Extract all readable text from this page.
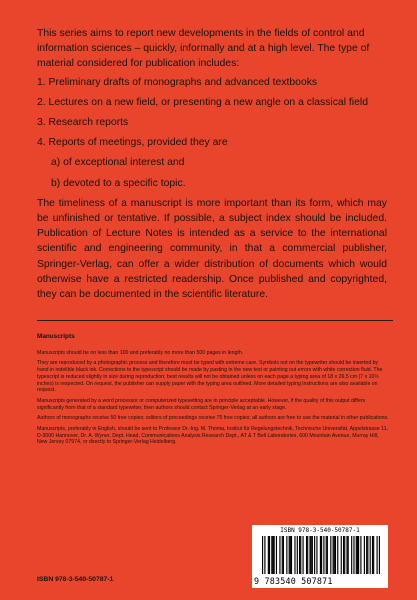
This series aims to report new developments in the fields of control and information sciences – quickly, informally and at a high level. The type of material considered for publication includes:

1. Preliminary drafts of monographs and advanced textbooks
2. Lectures on a new field, or presenting a new angle on a classical field
3. Research reports
4. Reports of meetings, provided they are
a) of exceptional interest and
b) devoted to a specific topic.

The timeliness of a manuscript is more important than its form, which may be unfinished or tentative. If possible, a subject index should be included. Publication of Lecture Notes is intended as a service to the international scientific and engineering community, in that a commercial publisher, Springer-Verlag, can offer a wider distribution of documents which would otherwise have a restricted readership. Once published and copyrighted, they can be documented in the scientific literature.

Manuscripts

Manuscripts should be no less than 100 and preferably no more than 500 pages in length.

They are reproduced by a photographic process and therefore must be typed with extreme care. Symbols not on the typewriter should be inserted by hand in indelible black ink. Corrections to the typescript should be made by pasting in the new text or painting out errors with white correction fluid. The typescript is reduced slightly in size during reproduction; best results will not be obtained unless on each page a typing area of 18 x 26,5 cm (7 x 10½ inches) is respected. On request, the publisher can supply paper with the typing area outlined. More detailed typing instructions are also available on request.

Manuscripts generated by a word processor or computerized typesetting are in principle acceptable. However, if the quality of this output differs significantly from that of a standard typewriter, then authors should contact Springer-Verlag at an early stage.

Authors of monographs receive 50 free copies; editors of proceedings receive 75 free copies; all authors are free to use the material in other publications.

Manuscripts, preferably in English, should be sent to Professor Dr.-Ing. M. Thoma, Institut für Regelungstechnik, Technische Universität, Appelstrasse 11, D-3000 Hannover, Dr. A. Wyner, Dept. Head, Communications Analysis Research Dept., AT & T Bell Laboratories, 600 Mountain Avenue, Murray Hill, New Jersey 07974, or directly to Springer-Verlag Heidelberg.

ISBN 978-3-540-50787-1
ISBN 978-3-540-50787-1
9 783540 507871
